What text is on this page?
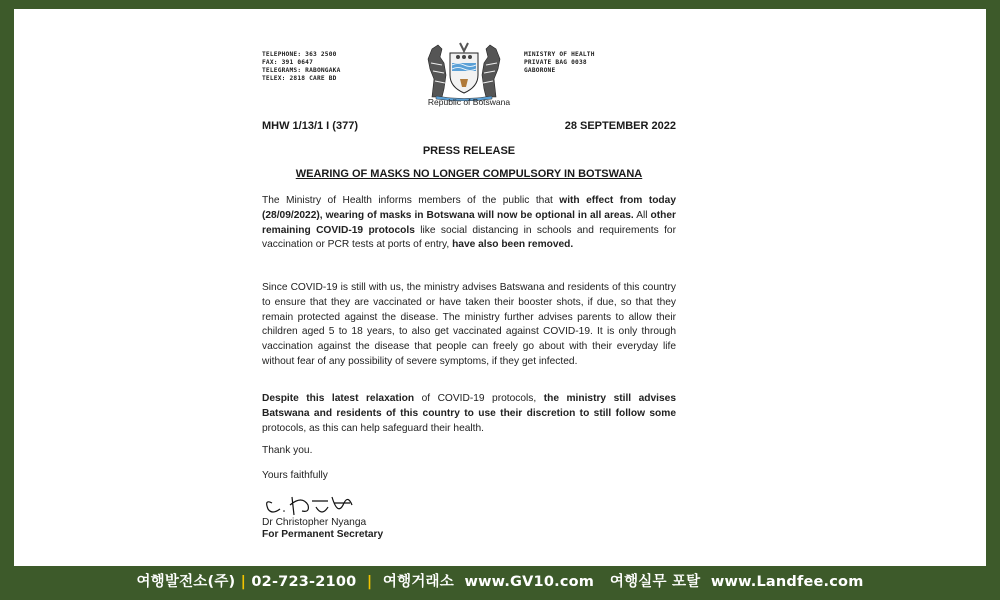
TELEPHONE: 363 2500
FAX: 391 0647
TELEGRAMS: RABONGAKA
TELEX: 2818 CARE BD
Republic of Botswana
MINISTRY OF HEALTH
PRIVATE BAG 0038
GABORONE
MHW 1/13/1 I (377)	28 SEPTEMBER 2022
PRESS RELEASE
WEARING OF MASKS NO LONGER COMPULSORY IN BOTSWANA
The Ministry of Health informs members of the public that with effect from today (28/09/2022), wearing of masks in Botswana will now be optional in all areas. All other remaining COVID-19 protocols like social distancing in schools and requirements for vaccination or PCR tests at ports of entry, have also been removed.
Since COVID-19 is still with us, the ministry advises Batswana and residents of this country to ensure that they are vaccinated or have taken their booster shots, if due, so that they remain protected against the disease. The ministry further advises parents to allow their children aged 5 to 18 years, to also get vaccinated against COVID-19. It is only through vaccination against the disease that people can freely go about with their everyday life without fear of any possibility of severe symptoms, if they get infected.
Despite this latest relaxation of COVID-19 protocols, the ministry still advises Batswana and residents of this country to use their discretion to still follow some protocols, as this can help safeguard their health.
Thank you.
Yours faithfully
Dr Christopher Nyanga
For Permanent Secretary
여행발전소(주) | 02-723-2100 | 여행거래소 www.GV10.com 여행실무 포탈 www.Landfee.com
